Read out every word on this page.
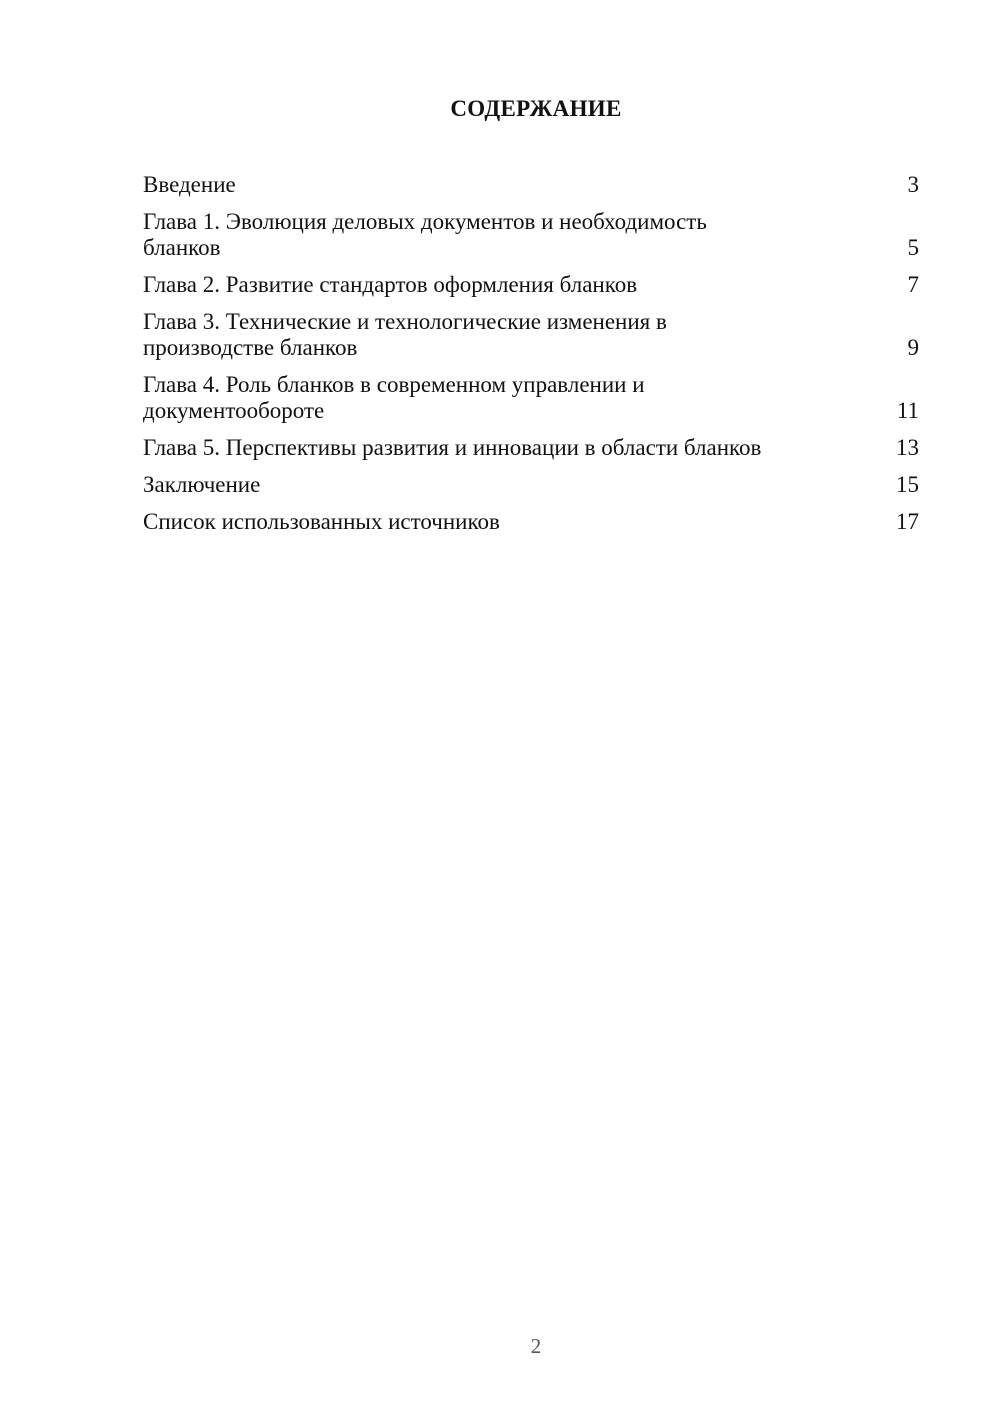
СОДЕРЖАНИЕ
Введение	3
Глава 1. Эволюция деловых документов и необходимость бланков	5
Глава 2. Развитие стандартов оформления бланков	7
Глава 3. Технические и технологические изменения в производстве бланков	9
Глава 4. Роль бланков в современном управлении и документообороте	11
Глава 5. Перспективы развития и инновации в области бланков	13
Заключение	15
Список использованных источников	17
2
